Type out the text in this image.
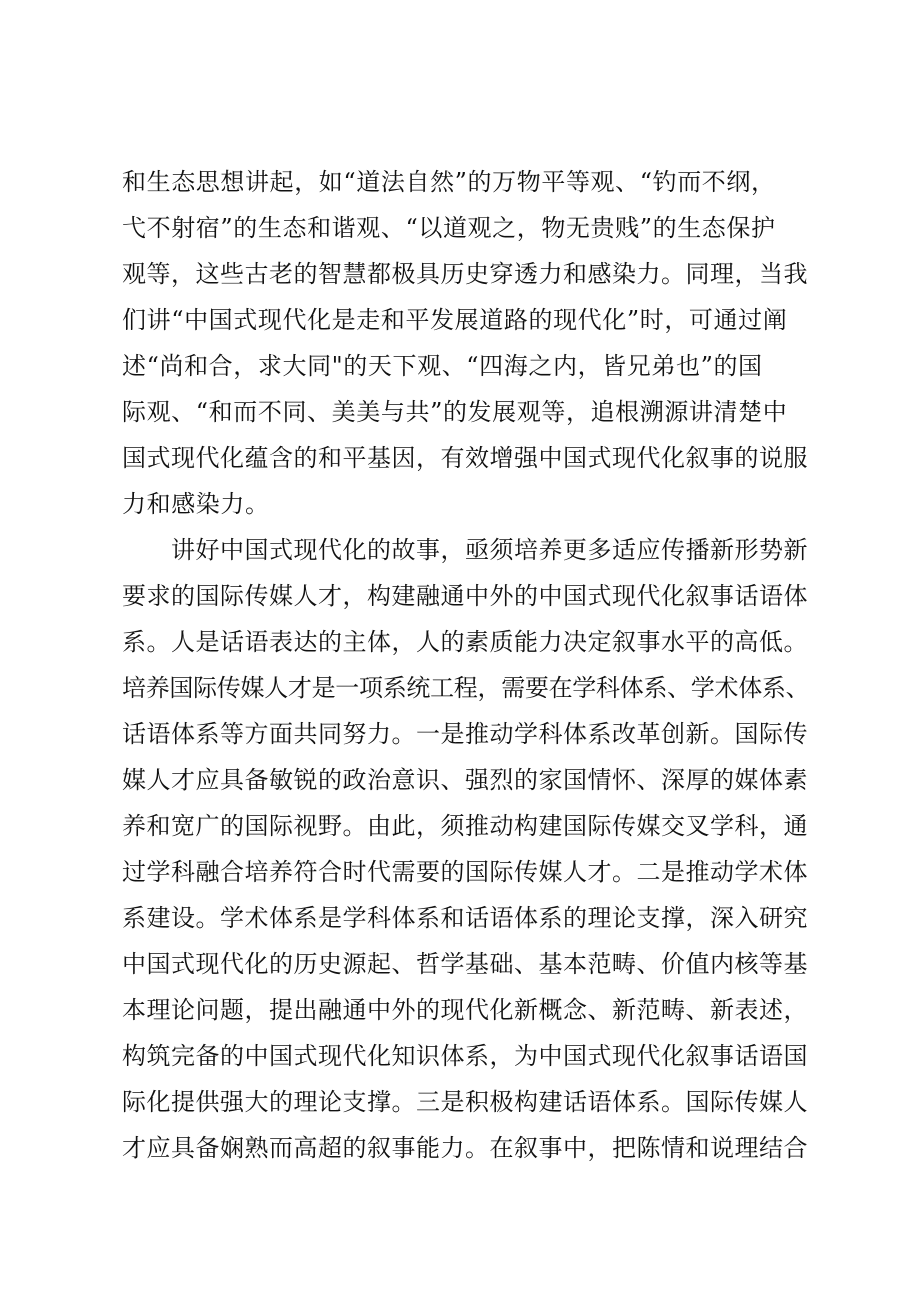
和生态思想讲起，如“道法自然”的万物平等观、“钓而不纲，
弋不射宿”的生态和谐观、“以道观之，物无贵贱”的生态保护
观等，这些古老的智慧都极具历史穿透力和感染力。同理，当我
们讲“中国式现代化是走和平发展道路的现代化”时，可通过阐
述“尚和合，求大同"的天下观、“四海之内，皆兄弟也”的国
际观、“和而不同、美美与共”的发展观等，追根溯源讲清楚中
国式现代化蕴含的和平基因，有效增强中国式现代化叙事的说服
力和感染力。
讲好中国式现代化的故事，亟须培养更多适应传播新形势新
要求的国际传媒人才，构建融通中外的中国式现代化叙事话语体
系。人是话语表达的主体，人的素质能力决定叙事水平的高低。
培养国际传媒人才是一项系统工程，需要在学科体系、学术体系、
话语体系等方面共同努力。一是推动学科体系改革创新。国际传
媒人才应具备敏锐的政治意识、强烈的家国情怀、深厚的媒体素
养和宽广的国际视野。由此，须推动构建国际传媒交叉学科，通
过学科融合培养符合时代需要的国际传媒人才。二是推动学术体
系建设。学术体系是学科体系和话语体系的理论支撑，深入研究
中国式现代化的历史源起、哲学基础、基本范畴、价值内核等基
本理论问题，提出融通中外的现代化新概念、新范畴、新表述，
构筑完备的中国式现代化知识体系，为中国式现代化叙事话语国
际化提供强大的理论支撑。三是积极构建话语体系。国际传媒人
才应具备娴熟而高超的叙事能力。在叙事中，把陈情和说理结合
